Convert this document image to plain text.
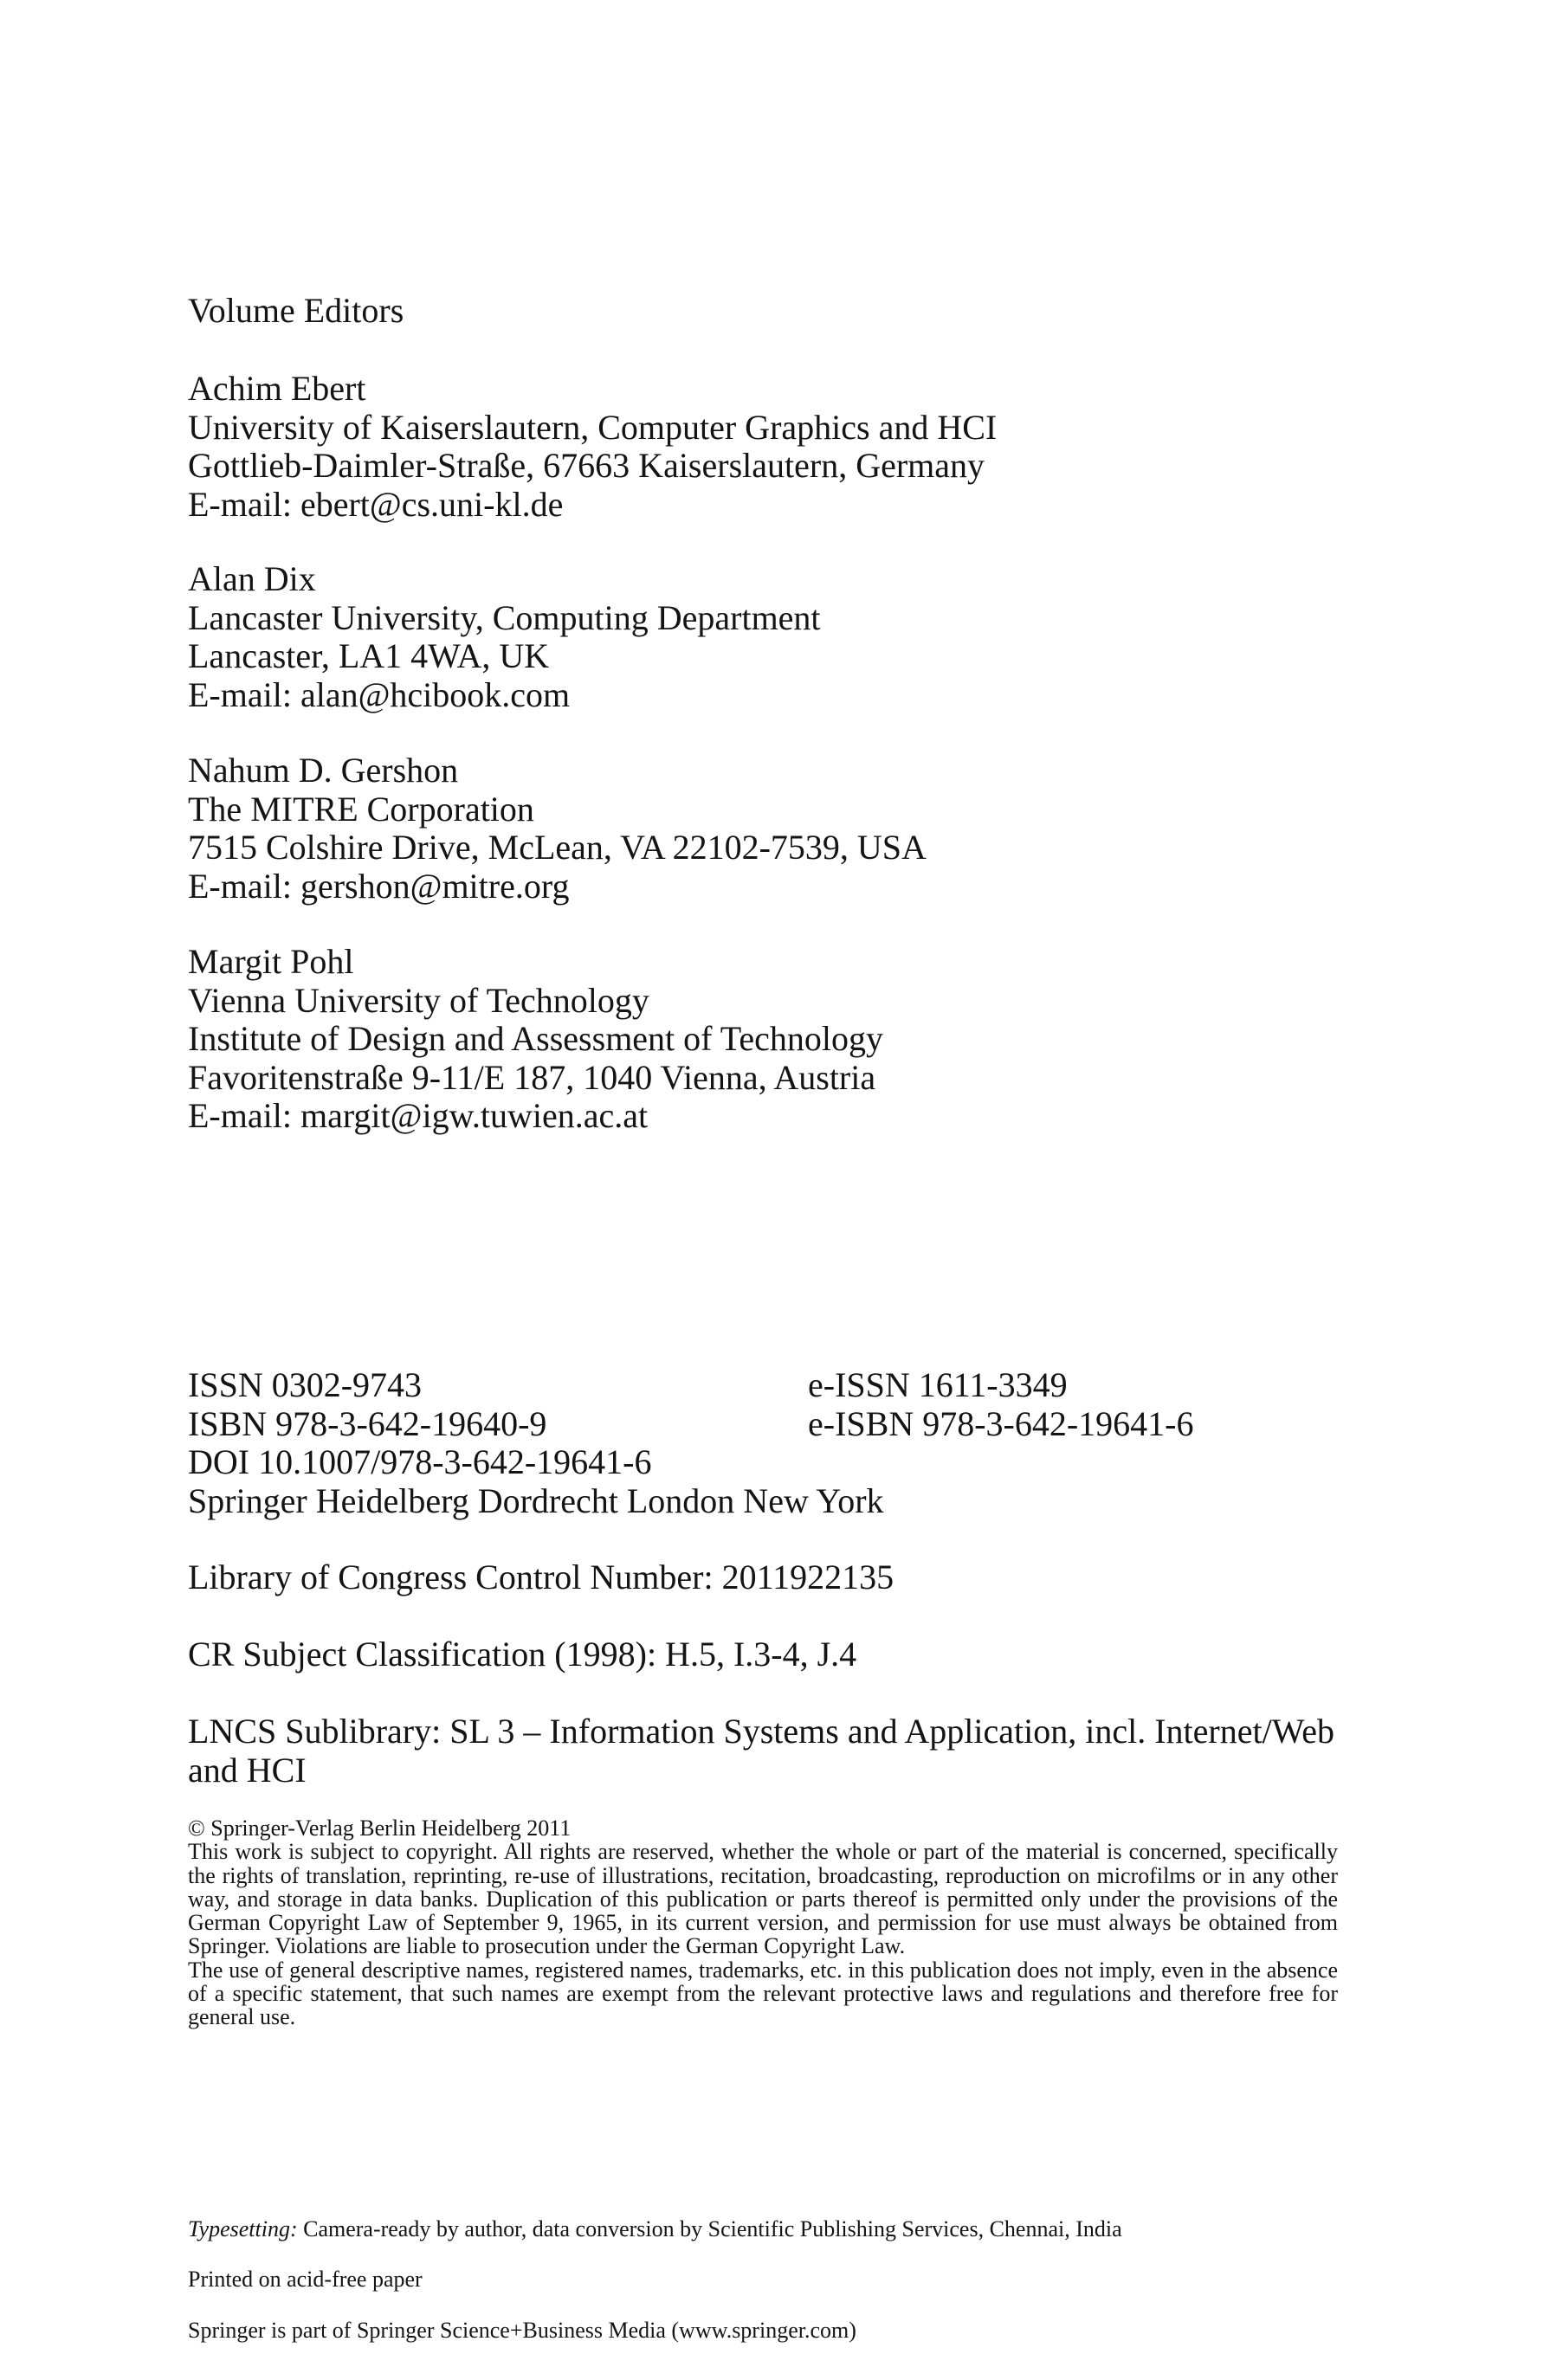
Volume Editors
Achim Ebert
University of Kaiserslautern, Computer Graphics and HCI
Gottlieb-Daimler-Straße, 67663 Kaiserslautern, Germany
E-mail: ebert@cs.uni-kl.de
Alan Dix
Lancaster University, Computing Department
Lancaster, LA1 4WA, UK
E-mail: alan@hcibook.com
Nahum D. Gershon
The MITRE Corporation
7515 Colshire Drive, McLean, VA 22102-7539, USA
E-mail: gershon@mitre.org
Margit Pohl
Vienna University of Technology
Institute of Design and Assessment of Technology
Favoritenstraße 9-11/E 187, 1040 Vienna, Austria
E-mail: margit@igw.tuwien.ac.at
ISSN 0302-9743	e-ISSN 1611-3349
ISBN 978-3-642-19640-9	e-ISBN 978-3-642-19641-6
DOI 10.1007/978-3-642-19641-6
Springer Heidelberg Dordrecht London New York
Library of Congress Control Number: 2011922135
CR Subject Classification (1998): H.5, I.3-4, J.4
LNCS Sublibrary: SL 3 – Information Systems and Application, incl. Internet/Web and HCI

© Springer-Verlag Berlin Heidelberg 2011

This work is subject to copyright. All rights are reserved, whether the whole or part of the material is concerned, specifically the rights of translation, reprinting, re-use of illustrations, recitation, broadcasting, reproduction on microfilms or in any other way, and storage in data banks. Duplication of this publication or parts thereof is permitted only under the provisions of the German Copyright Law of September 9, 1965, in its current version, and permission for use must always be obtained from Springer. Violations are liable to prosecution under the German Copyright Law.

The use of general descriptive names, registered names, trademarks, etc. in this publication does not imply, even in the absence of a specific statement, that such names are exempt from the relevant protective laws and regulations and therefore free for general use.

Typesetting: Camera-ready by author, data conversion by Scientific Publishing Services, Chennai, India
Printed on acid-free paper
Springer is part of Springer Science+Business Media (www.springer.com)
